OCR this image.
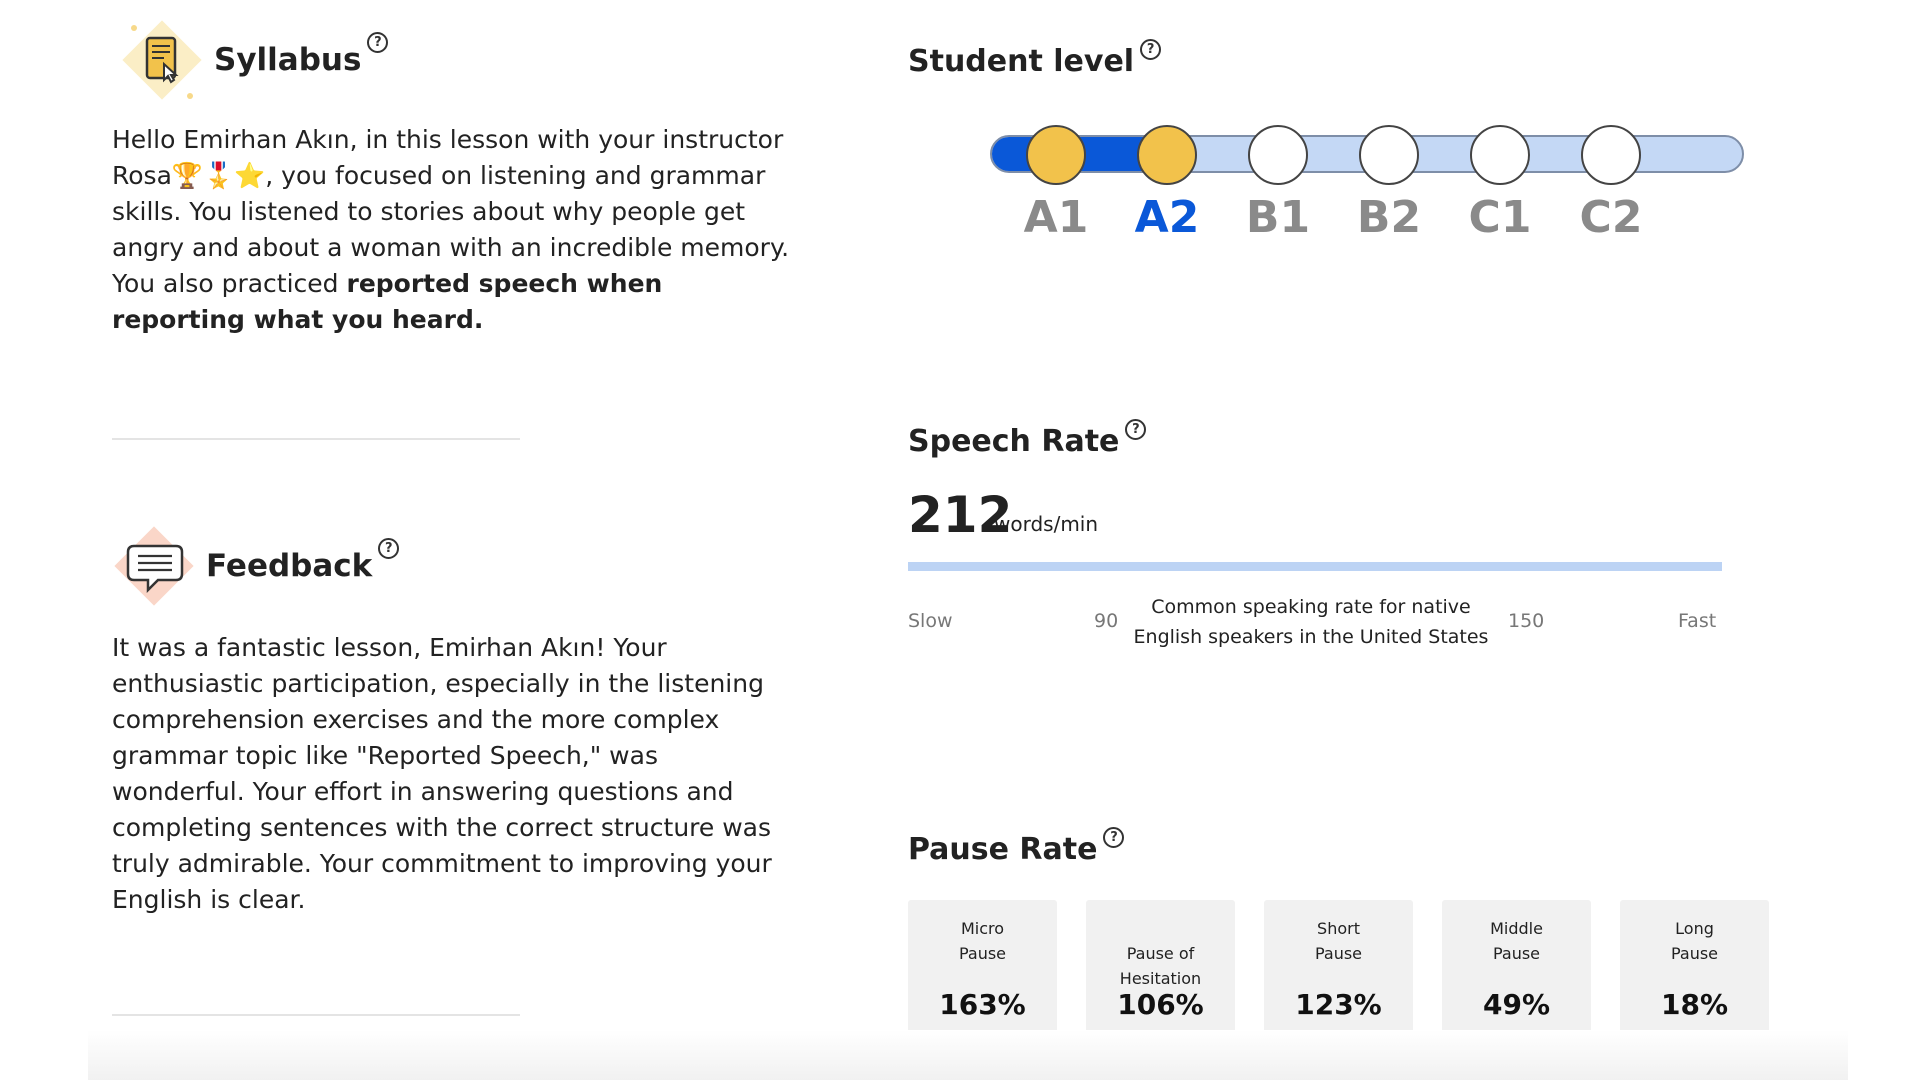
Syllabus ?

Hello Emirhan Akın, in this lesson with your instructor Rosa🏆🎖️⭐, you focused on listening and grammar skills. You listened to stories about why people get angry and about a woman with an incredible memory. You also practiced reported speech when reporting what you heard.

Feedback ?

It was a fantastic lesson, Emirhan Akın! Your enthusiastic participation, especially in the listening comprehension exercises and the more complex grammar topic like "Reported Speech," was wonderful. Your effort in answering questions and completing sentences with the correct structure was truly admirable. Your commitment to improving your English is clear.

Student level ?
A1 A2 B1 B2 C1 C2
Speech Rate ?
212
words/min
Slow	90
Common speaking rate for native English speakers in the United States
150	Fast
Pause Rate ?
Micro
Pause
163%
Pause of
Hesitation
106%
Short
Pause
123%
Middle
Pause
49%
Long
Pause
18%
